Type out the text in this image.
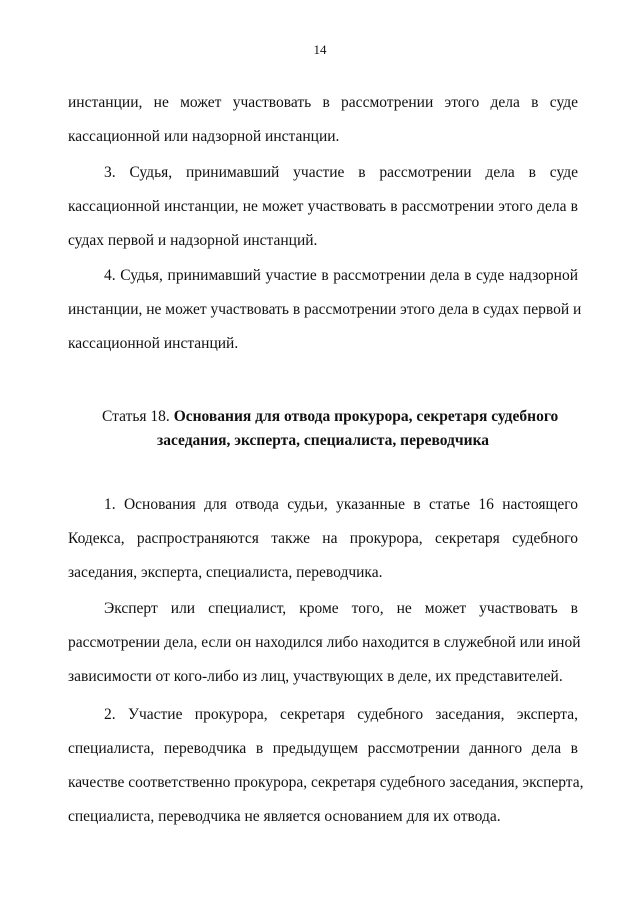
14

инстанции, не может участвовать в рассмотрении этого дела в суде
кассационной или надзорной инстанции.

3. Судья, принимавший участие в рассмотрении дела в суде
кассационной инстанции, не может участвовать в рассмотрении этого дела в
судах первой и надзорной инстанций.

4. Судья, принимавший участие в рассмотрении дела в суде надзорной
инстанции, не может участвовать в рассмотрении этого дела в судах первой и
кассационной инстанций.

Статья 18. Основания для отвода прокурора, секретаря судебного
заседания, эксперта, специалиста, переводчика

1. Основания для отвода судьи, указанные в статье 16 настоящего
Кодекса, распространяются также на прокурора, секретаря судебного
заседания, эксперта, специалиста, переводчика.

Эксперт или специалист, кроме того, не может участвовать в
рассмотрении дела, если он находился либо находится в служебной или иной
зависимости от кого-либо из лиц, участвующих в деле, их представителей.

2. Участие прокурора, секретаря судебного заседания, эксперта,
специалиста, переводчика в предыдущем рассмотрении данного дела в
качестве соответственно прокурора, секретаря судебного заседания, эксперта,
специалиста, переводчика не является основанием для их отвода.
